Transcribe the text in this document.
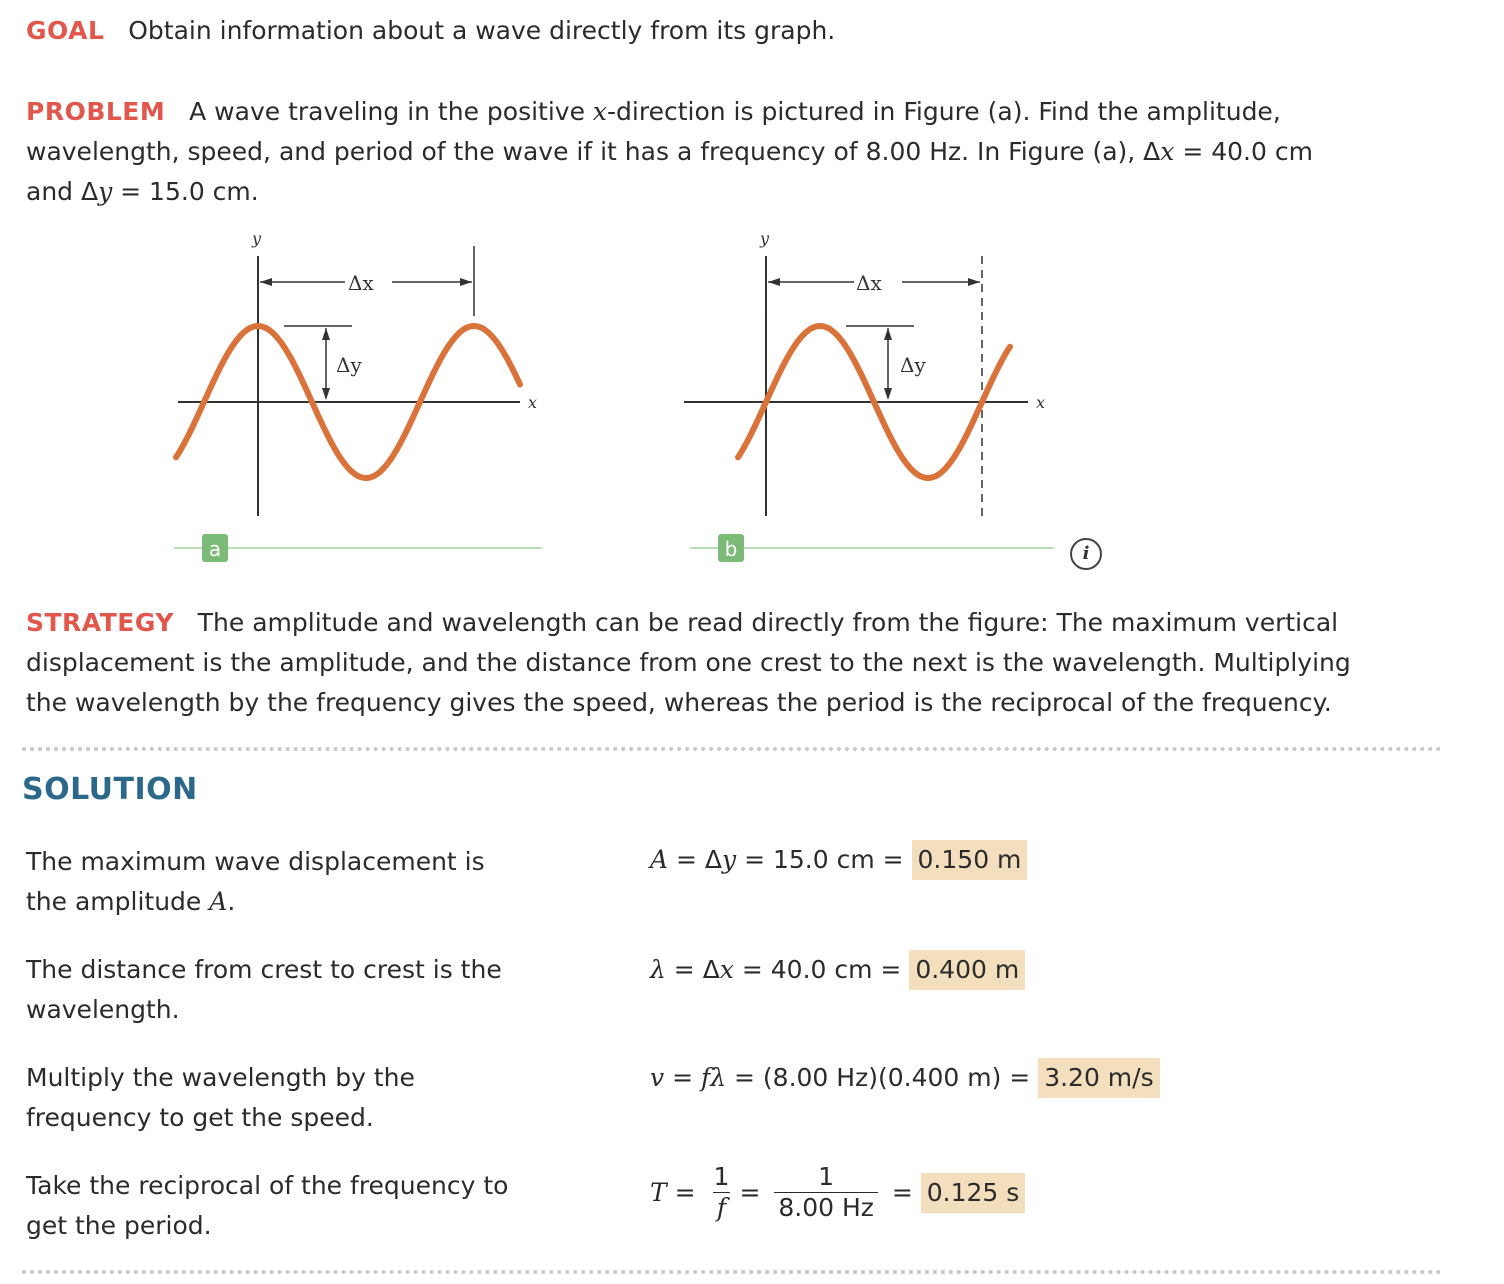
GOAL Obtain information about a wave directly from its graph.
PROBLEM A wave traveling in the positive x-direction is pictured in Figure (a). Find the amplitude,
wavelength, speed, and period of the wave if it has a frequency of 8.00 Hz. In Figure (a), Δx = 40.0 cm
and Δy = 15.0 cm.
y
x
Δx
Δy
a
y
x
Δx
Δy
b	i
STRATEGY The amplitude and wavelength can be read directly from the figure: The maximum vertical
displacement is the amplitude, and the distance from one crest to the next is the wavelength. Multiplying
the wavelength by the frequency gives the speed, whereas the period is the reciprocal of the frequency.
SOLUTION
The maximum wave displacement is
the amplitude A.
A = Δ y = 15.0 cm = 0.150 m
The distance from crest to crest is the
wavelength.
λ = Δ x = 40.0 cm = 0.400 m
Multiply the wavelength by the
frequency to get the speed.
v = fλ = (8.00 Hz)(0.400 m) = 3.20 m/s
Take the reciprocal of the frequency to
get the period.
$T = \frac{1}{f} = \frac{1}{8.00 Hz} = 0.125$ s
